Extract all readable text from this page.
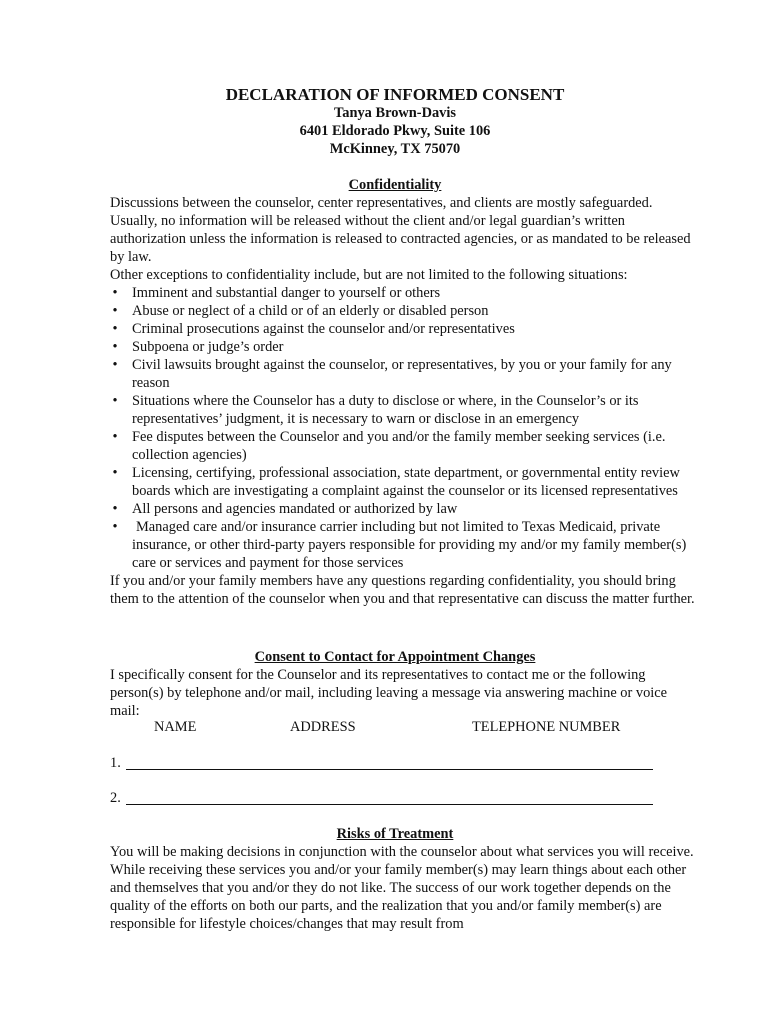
DECLARATION OF INFORMED CONSENT
Tanya Brown-Davis
6401 Eldorado Pkwy, Suite 106
McKinney, TX 75070
Confidentiality
Discussions between the counselor, center representatives, and clients are mostly safeguarded. Usually, no information will be released without the client and/or legal guardian’s written authorization unless the information is released to contracted agencies, or as mandated to be released by law.
Other exceptions to confidentiality include, but are not limited to the following situations:
• Imminent and substantial danger to yourself or others
• Abuse or neglect of a child or of an elderly or disabled person
• Criminal prosecutions against the counselor and/or representatives
• Subpoena or judge’s order
• Civil lawsuits brought against the counselor, or representatives, by you or your family for any reason
• Situations where the Counselor has a duty to disclose or where, in the Counselor’s or its representatives’ judgment, it is necessary to warn or disclose in an emergency
• Fee disputes between the Counselor and you and/or the family member seeking services (i.e. collection agencies)
• Licensing, certifying, professional association, state department, or governmental entity review boards which are investigating a complaint against the counselor or its licensed representatives
• All persons and agencies mandated or authorized by law
• Managed care and/or insurance carrier including but not limited to Texas Medicaid, private insurance, or other third-party payers responsible for providing my and/or my family member(s) care or services and payment for those services
If you and/or your family members have any questions regarding confidentiality, you should bring them to the attention of the counselor when you and that representative can discuss the matter further.
Consent to Contact for Appointment Changes
I specifically consent for the Counselor and its representatives to contact me or the following person(s) by telephone and/or mail, including leaving a message via answering machine or voice mail:
NAME	ADDRESS	TELEPHONE NUMBER
1.
2.
Risks of Treatment
You will be making decisions in conjunction with the counselor about what services you will receive. While receiving these services you and/or your family member(s) may learn things about each other and themselves that you and/or they do not like. The success of our work together depends on the quality of the efforts on both our parts, and the realization that you and/or family member(s) are responsible for lifestyle choices/changes that may result from
